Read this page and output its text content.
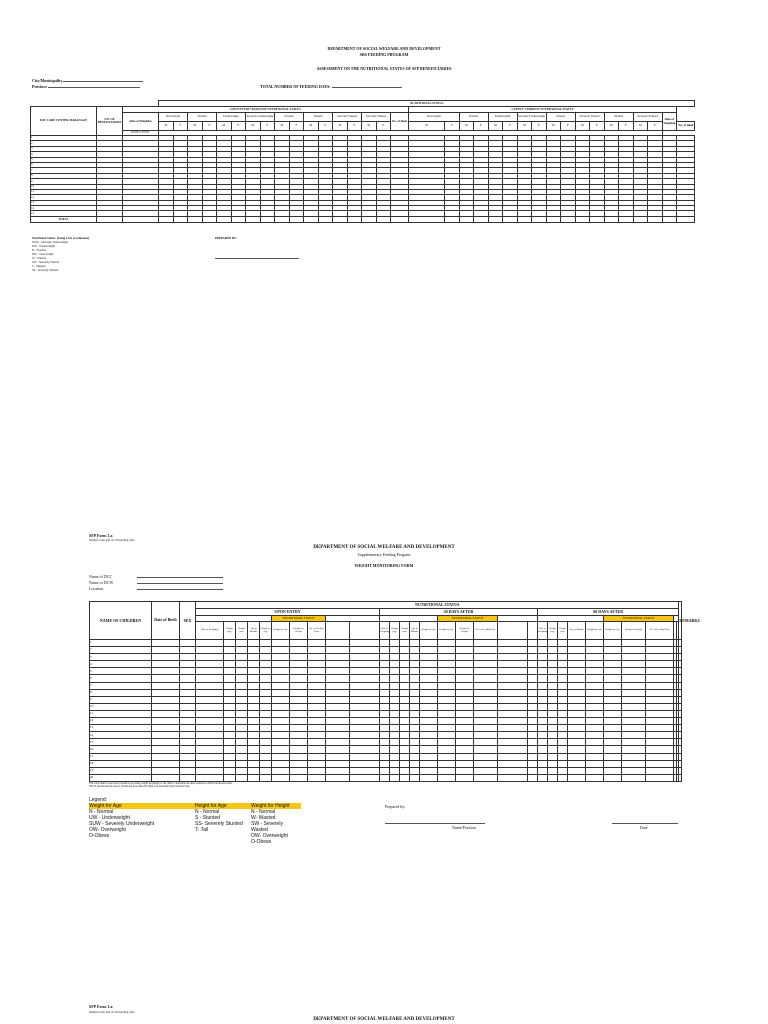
DEPARTMENT OF SOCIAL WELFARE AND DEVELOPMENT
SRS FEEDING PROGRAM
ASSESSMENT ON THE NUTRITIONAL STATUS OF SFP BENEFICIARIES
City/Municipality
Province	TOTAL NUMBER OF FEEDING DAYS:
			NUTRITIONAL STATUS																																		
DAY CARE CENTER/ BARANGAY	NO. OF BENEFICIARIES	UPON ENTRY/ BASELINE NUTRITIONAL STATUS																		LATEST/ CURRENT NUTRITIONAL STATUS																	
		Date of Weighing	Overweight		Normal		Underweight		Severely Underweight		Normal		Wasted		Severely Wasted		Severely Wasted		No. of Ideal	Overweight		Normal		Underweight		Severely Underweight		Wasted		Severely Wasted		Stunted		Severely Stunted		Date of Weighing	
			M	F	M	F	M	F	M	F	M	F	M	F	M	F	M	F		M	F	M	F	M	F	M	F	M	F	M	F	M	F	M	F		No. of Ideal
		DATE/ LEVEL																																			
1																																					
2																																					
3																																					
4																																					
5																																					
6																																					
7																																					
8																																					
9																																					
10																																					
11																																					
12																																					
13																																					
14																																					
15																																					
TOTAL																																					
Nutritional Status: (Using CGS as reference)
SUW - Severely Underweight
UW - Underweight
N - Normal
OW - Overweight
W - Wasted
SW - Severely Wasted
S - Stunted
SS - Severely Stunted
PREPARED BY:
SFP Form 1.a
Submit at the end of 120 feeding days
DEPARTMENT OF SOCIAL WELFARE AND DEVELOPMENT
Supplementary Feeding Program
WEIGHT MONITORING FORM
Name of DCC
Name of DCW
Location
NAME OF CHILDREN	Date of Birth	SEX	NUTRITIONAL STATUS																														REMARKS
			UPON ENTRY										30 DAYS AFTER										60 DAYS AFTER										
								NUTRITIONAL STATUS										NUTRITIONAL STATUS										NUTRITIONAL STATUS					
			Date of Weighing	Weight (kg)	Height (cm)	Age in Months	Weight for Age	Height for Age	Weight for Height	No. of Feeding Days			Date of Weighing	Weight (kg)	Height (cm)	Age in Months	Weight for Age	Height for Age	Weight for Height	No. of Feeding Days			Date of Weighing	Weight (kg)	Height (cm)	Age in Months	Weight for Age	Height for Age	Weight for Height	No. of Feeding Days			
1																																	
2																																	
3																																	
4																																	
5																																	
6																																	
7																																	
8																																	
9																																	
10																																	
11																																	
12																																	
13																																	
14																																	
15																																	
16																																	
17																																	
18																																	
19																																	
20																																	
This form shall be used every month in recording weight and height of the child to determine the improvement in child's nutritional status.
*DCW should indicate date or month and year when the child was dewormed and provided VitA
Legend:
Weight for Age
N - Normal
UW - Underweight
SUW - Severely Underweight
OW- Overweight
O-Obese
Height for Age
N - Normal
S - Stunted
SS- Severely Stunted
T- Tall
Weight for Height
N - Normal
W- Wasted
SW - Severely Wasted
OW- Overweight
O-Obese
Prepared by:
Name/Position	Date
SFP Form 1.a
Submit at the end of 120 feeding days
DEPARTMENT OF SOCIAL WELFARE AND DEVELOPMENT
